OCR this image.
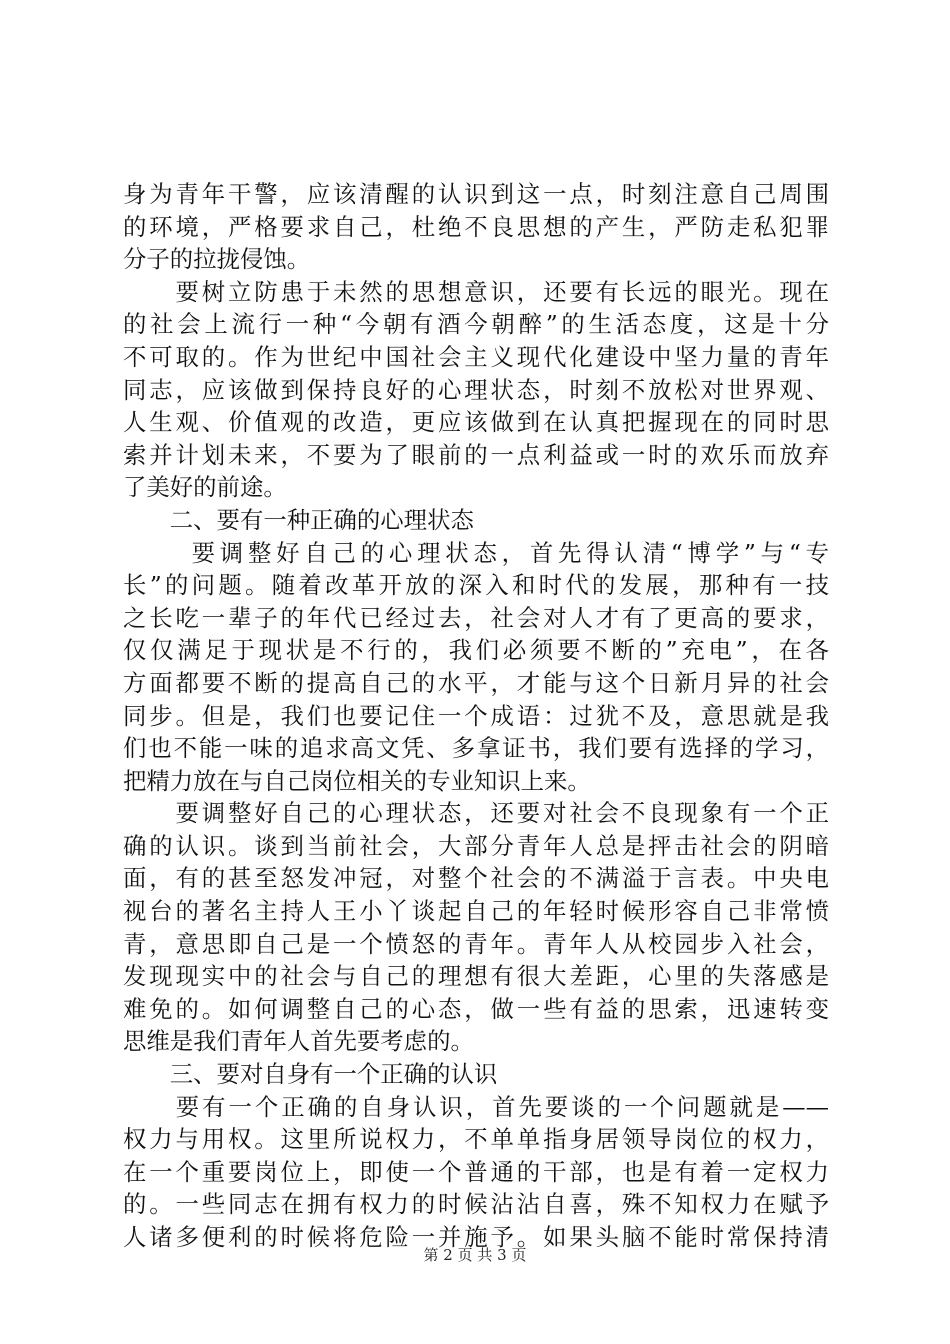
身为青年干警，应该清醒的认识到这一点，时刻注意自己周围
的环境，严格要求自己，杜绝不良思想的产生，严防走私犯罪
分子的拉拢侵蚀。
　　要树立防患于未然的思想意识，还要有长远的眼光。现在
的社会上流行一种“今朝有酒今朝醉”的生活态度，这是十分
不可取的。作为世纪中国社会主义现代化建设中坚力量的青年
同志，应该做到保持良好的心理状态，时刻不放松对世界观、
人生观、价值观的改造，更应该做到在认真把握现在的同时思
索并计划未来，不要为了眼前的一点利益或一时的欢乐而放弃
了美好的前途。
　　二、要有一种正确的心理状态
　　 要调整好自己的心理状态，首先得认清“博学”与“专
长”的问题。随着改革开放的深入和时代的发展，那种有一技
之长吃一辈子的年代已经过去，社会对人才有了更高的要求，
仅仅满足于现状是不行的，我们必须要不断的”充电”，在各
方面都要不断的提高自己的水平，才能与这个日新月异的社会
同步。但是，我们也要记住一个成语：过犹不及，意思就是我
们也不能一味的追求高文凭、多拿证书，我们要有选择的学习，
把精力放在与自己岗位相关的专业知识上来。
　　要调整好自己的心理状态，还要对社会不良现象有一个正
确的认识。谈到当前社会，大部分青年人总是抨击社会的阴暗
面，有的甚至怒发冲冠，对整个社会的不满溢于言表。中央电
视台的著名主持人王小丫谈起自己的年轻时候形容自己非常愤
青，意思即自己是一个愤怒的青年。青年人从校园步入社会，
发现现实中的社会与自己的理想有很大差距，心里的失落感是
难免的。如何调整自己的心态，做一些有益的思索，迅速转变
思维是我们青年人首先要考虑的。
　　三、要对自身有一个正确的认识
　　要有一个正确的自身认识，首先要谈的一个问题就是——
权力与用权。这里所说权力，不单单指身居领导岗位的权力，
在一个重要岗位上，即使一个普通的干部，也是有着一定权力
的。一些同志在拥有权力的时候沾沾自喜，殊不知权力在赋予
人诸多便利的时候将危险一并施予。如果头脑不能时常保持清
第 2 页 共 3 页
